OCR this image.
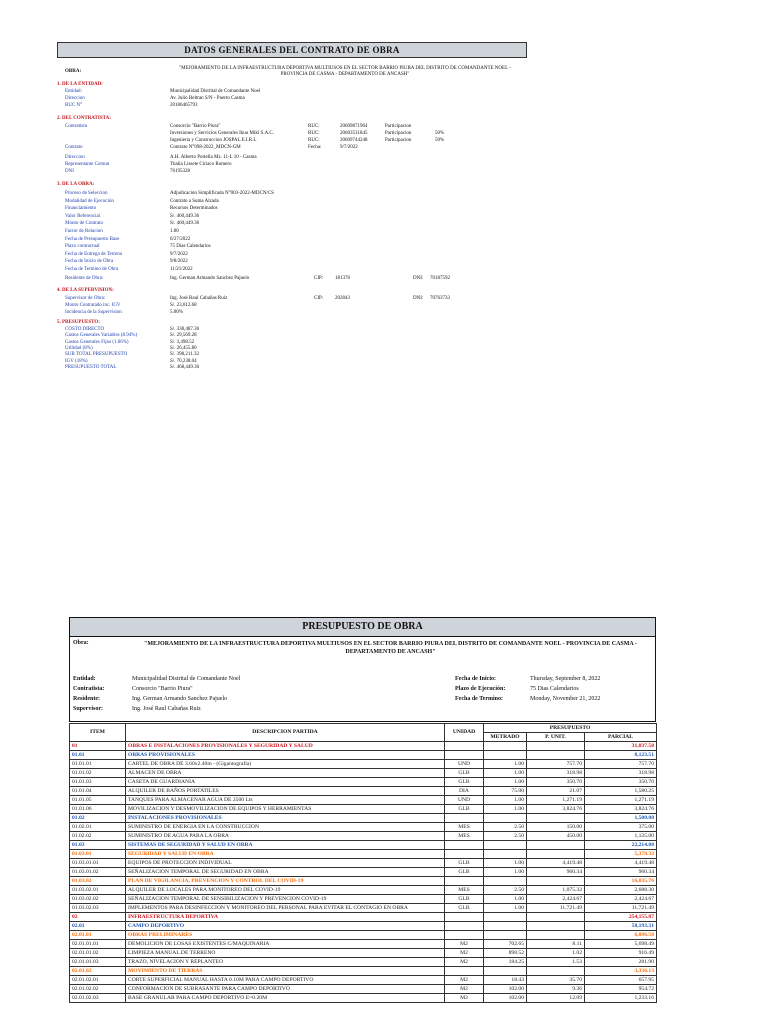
DATOS GENERALES DEL CONTRATO DE OBRA
OBRA:
"MEJORAMIENTO DE LA INFRAESTRUCTURA DEPORTIVA MULTIUSOS EN EL SECTOR BARRIO PIURA DEL DISTRITO DE COMANDANTE NOEL - PROVINCIA DE CASMA - DEPARTAMENTO DE ANCASH"
1. DE LA ENTIDAD:
Entidad:	Municipalidad Distrital de Comandante Noel
Direccion	Av. Julio Beltran S/N - Puerto Casma
RUC N°	20186465793
2. DEL CONTRATISTA:
Contratista	Consorcio "Barrio Piura"	RUC:	20609871964	Participacion
Inversiones y Servicios Generales Ikuo Mikl S.A.C.	RUC:	20603531845	Participacion	50%
Ingenieria y Construccion JOSPAL E.I.R.L	RUC:	20609744248	Participacion	50%
Contrato	Contrato N°098-2022_MDCN-GM	Fecha:	9/7/2022
Direccion	A.H. Alberto Portella Mz. 11-L 10 - Casma
Representante Comun	Thalia Lissete Ciriaco Romero
DNI	76195328
3. DE LA OBRA:
Proceso de Seleccion	Adjudicacion Simplificada N°003-2022-MDCN/CS
Modalidad de Ejecución	Contrato a Suma Alzada
Financiamiento	Recursos Determinados
Valor Referencial	S/. 460,449.36
Monto de Contrato	S/. 460,449.36
Factor de Relacion	1.00
Fecha de Presupuesto Base	6/27/2022
Plazo contractual	75 Dias Calendarios
Fecha de Entrega de Terreno	9/7/2022
Fecha de Inicio de Obra	9/8/2022
Fecha de Termino de Obra	11/21/2022
Residente de Obra:	Ing. German Armando Sanchez Pajuelo	CIP: 181376	DNI: 70187592
4. DE LA SUPERVISION:
Supervisor de Obra:	Ing. José Raul Cabañas Ruiz	CIP: 202843	DNI: 70763733
Monto Contratado inc. IGV	S/. 23,012.68
Incidencia de la Supervision	5.00%
5. PRESUPUESTO:
COSTO DIRECTO	S/. 338,487.36
Gastos Generales Variables (8.94%)	S/. 29,569.28
Gastos Generales Fijos (1.06%)	S/. 3,498.52
Utilidad (8%)	S/. 26,455.80
SUB TOTAL PRESUPUESTO	S/. 398,211.32
IGV (18%)	S/. 70,238.04
PRESUPUESTO TOTAL	S/. 468,449.36
PRESUPUESTO DE OBRA
Obra:	"MEJORAMIENTO DE LA INFRAESTRUCTURA DEPORTIVA MULTIUSOS EN EL SECTOR BARRIO PIURA DEL DISTRITO DE COMANDANTE NOEL - PROVINCIA DE CASMA - DEPARTAMENTO DE ANCASH"
Entidad:	Municipalidad Distrital de Comandante Noel
Contratista:	Consorcio "Barrio Piura"
Residente:	Ing. German Armando Sanchez Pajuelo
Supervisor:	Ing. José Raul Cabañas Ruiz
Fecha de Inicio:	Thursday, September 8, 2022
Plazo de Ejecución:	75 Dias Calendarios
Fecha de Termino:	Monday, November 21, 2022
ITEM	DESCRIPCION PARTIDA	UNIDAD	PRESUPUESTO		
			METRADO	P. UNIT.	PARCIAL
01	OBRAS E INSTALACIONES PROVISIONALES Y SEGURIDAD Y SALUD				31,837.58
01.01	OBRAS PROVISIONALES				8,123.51
01.01.01	CARTEL DE OBRA DE 3.60x2.40m - (Gigantografia)	UND	1.00	757.70	757.70
01.01.02	ALMACEN DE OBRA	GLB	1.00	318.98	318.98
01.01.03	CASETA DE GUARDIANIA	GLB	1.00	350.70	350.70
01.01.04	ALQUILER DE BAÑOS PORTATILES	DIA	75.00	21.07	1,580.25
01.01.05	TANQUES PARA ALMACENAR AGUA DE 2500 Lts	UND	1.00	1,271.19	1,271.19
01.01.06	MOVILIZACION Y DESMOVILIZACION DE EQUIPOS Y HERRAMIENTAS	GLB	1.00	3,824.76	3,824.76
01.02	INSTALACIONES PROVISIONALES				1,500.00
01.02.01	SUMINISTRO DE ENERGIA EN LA CONSTRUCCION	MES	2.50	150.00	375.00
01.02.02	SUMINISTRO DE AGUA PARA LA OBRA	MES	2.50	450.00	1,125.00
01.03	SISTEMAS DE SEGURIDAD Y SALUD EN OBRA				22,214.08
01.03.01	SEGURIDAD Y SALUD EN OBRA				5,378.32
01.03.01.01	EQUIPOS DE PROTECCION INDIVIDUAL	GLB	1.00	4,419.48	4,419.48
01.03.01.02	SEÑALIZACION TEMPORAL DE SEGURIDAD EN OBRA	GLB	1.00	960.34	960.34
01.03.02	PLAN DE VIGILANCIA, PREVENCION Y CONTROL DEL COVID-19				16,835.76
01.03.02.01	ALQUILER DE LOCALES PARA MONITOREO DEL COVID-19	MES	2.50	1,075.32	2,688.30
01.03.02.02	SEÑALIZACION TEMPORAL DE SENSIBILIZACION Y PREVENCION COVID-19	GLB	1.00	2,424.67	2,424.67
01.03.02.03	IMPLEMENTOS PARA DESINFECCION Y MONITOREO DEL PERSONAL PARA EVITAR EL CONTAGIO EN OBRA	GLB	1.00	11,721.49	11,721.49
02	INFRAESTRUCTURA DEPORTIVA				254,155.87
02.01	CAMPO DEPORTIVO				58,193.31
02.01.01	OBRAS PRELIMINARES				6,896.58
02.01.01.01	DEMOLICION DE LOSAS EXISTENTES C/MAQUINARIA	M2	702.65	8.11	5,698.49
02.01.01.02	LIMPIEZA MANUAL DE TERRENO	M2	898.52	1.02	916.49
02.01.01.03	TRAZO, NIVELACION Y REPLANTEO	M2	184.25	1.53	281.90
02.01.02	MOVIMIENTO DE TIERRAS				3,336.13
02.01.02.01	CORTE SUPERFICIAL MANUAL HASTA 0.10M PARA CAMPO DEPORTIVO	M2	18.43	35.70	657.95
02.01.02.02	CONFORMACION DE SUBRASANTE PARA CAMPO DEPORTIVO	M2	102.00	9.36	954.72
02.01.02.03	BASE GRANULAR PARA CAMPO DEPORTIVO E=0.20M	M2	102.00	12.09	1,233.16
